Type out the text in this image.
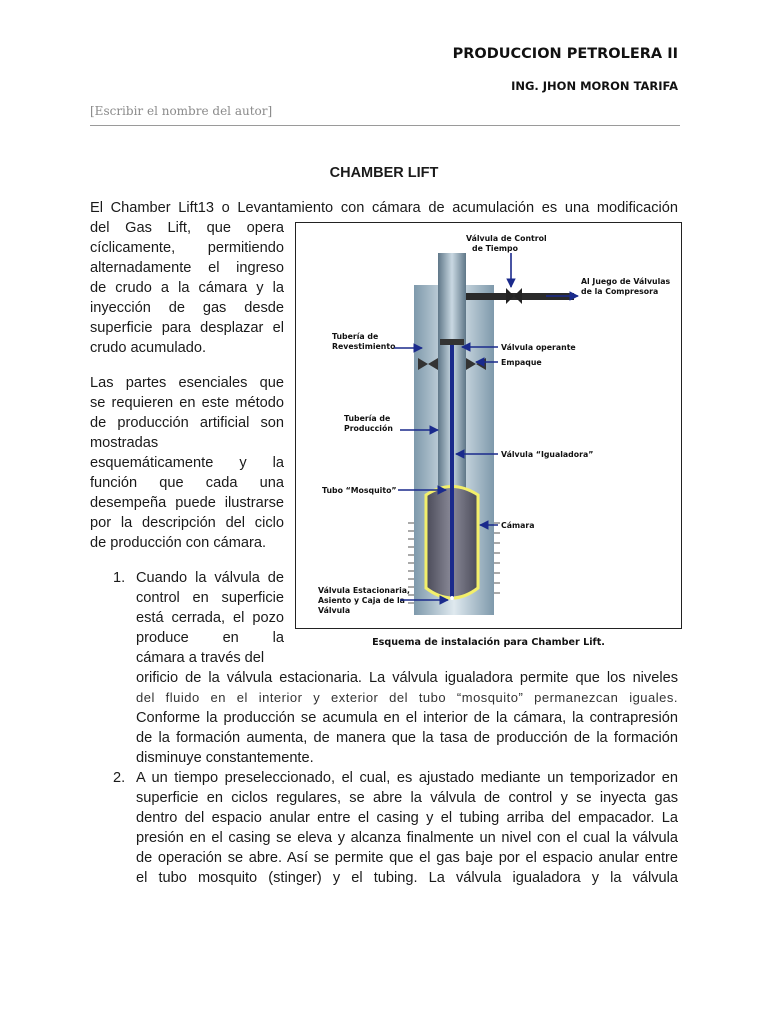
PRODUCCION PETROLERA II
ING. JHON MORON TARIFA
[Escribir el nombre del autor]
CHAMBER LIFT
El Chamber Lift13 o Levantamiento con cámara de acumulación es una modificación
del Gas Lift, que opera
cíclicamente, permitiendo
alternadamente el ingreso
de crudo a la cámara y la
inyección de gas desde
superficie para desplazar el
crudo acumulado.
Las partes esenciales que
se requieren en este método
de producción artificial son
mostradas
esquemáticamente y la
función que cada una
desempeña puede ilustrarse
por la descripción del ciclo
de producción con cámara.
1. Cuando la válvula de
control en superficie
está cerrada, el pozo
produce en la
cámara a través del
orificio de la válvula estacionaria. La válvula igualadora permite que los niveles
del fluido en el interior y exterior del tubo “mosquito” permanezcan iguales.
Conforme la producción se acumula en el interior de la cámara, la contrapresión
de la formación aumenta, de manera que la tasa de producción de la formación
disminuye constantemente.
2. A un tiempo preseleccionado, el cual, es ajustado mediante un temporizador en
superficie en ciclos regulares, se abre la válvula de control y se inyecta gas
dentro del espacio anular entre el casing y el tubing arriba del empacador. La
presión en el casing se eleva y alcanza finalmente un nivel con el cual la válvula
de operación se abre. Así se permite que el gas baje por el espacio anular entre
el tubo mosquito (stinger) y el tubing. La válvula igualadora y la válvula
Válvula de Control de Tiempo
Al Juego de Válvulas de la Compresora
Tubería de Revestimiento	Válvula operante
Empaque
Tubería de Producción
Válvula “Igualadora”
Tubo “Mosquito”
Cámara
Válvula Estacionaria, Asiento y Caja de la Válvula
Esquema de instalación para Chamber Lift.
